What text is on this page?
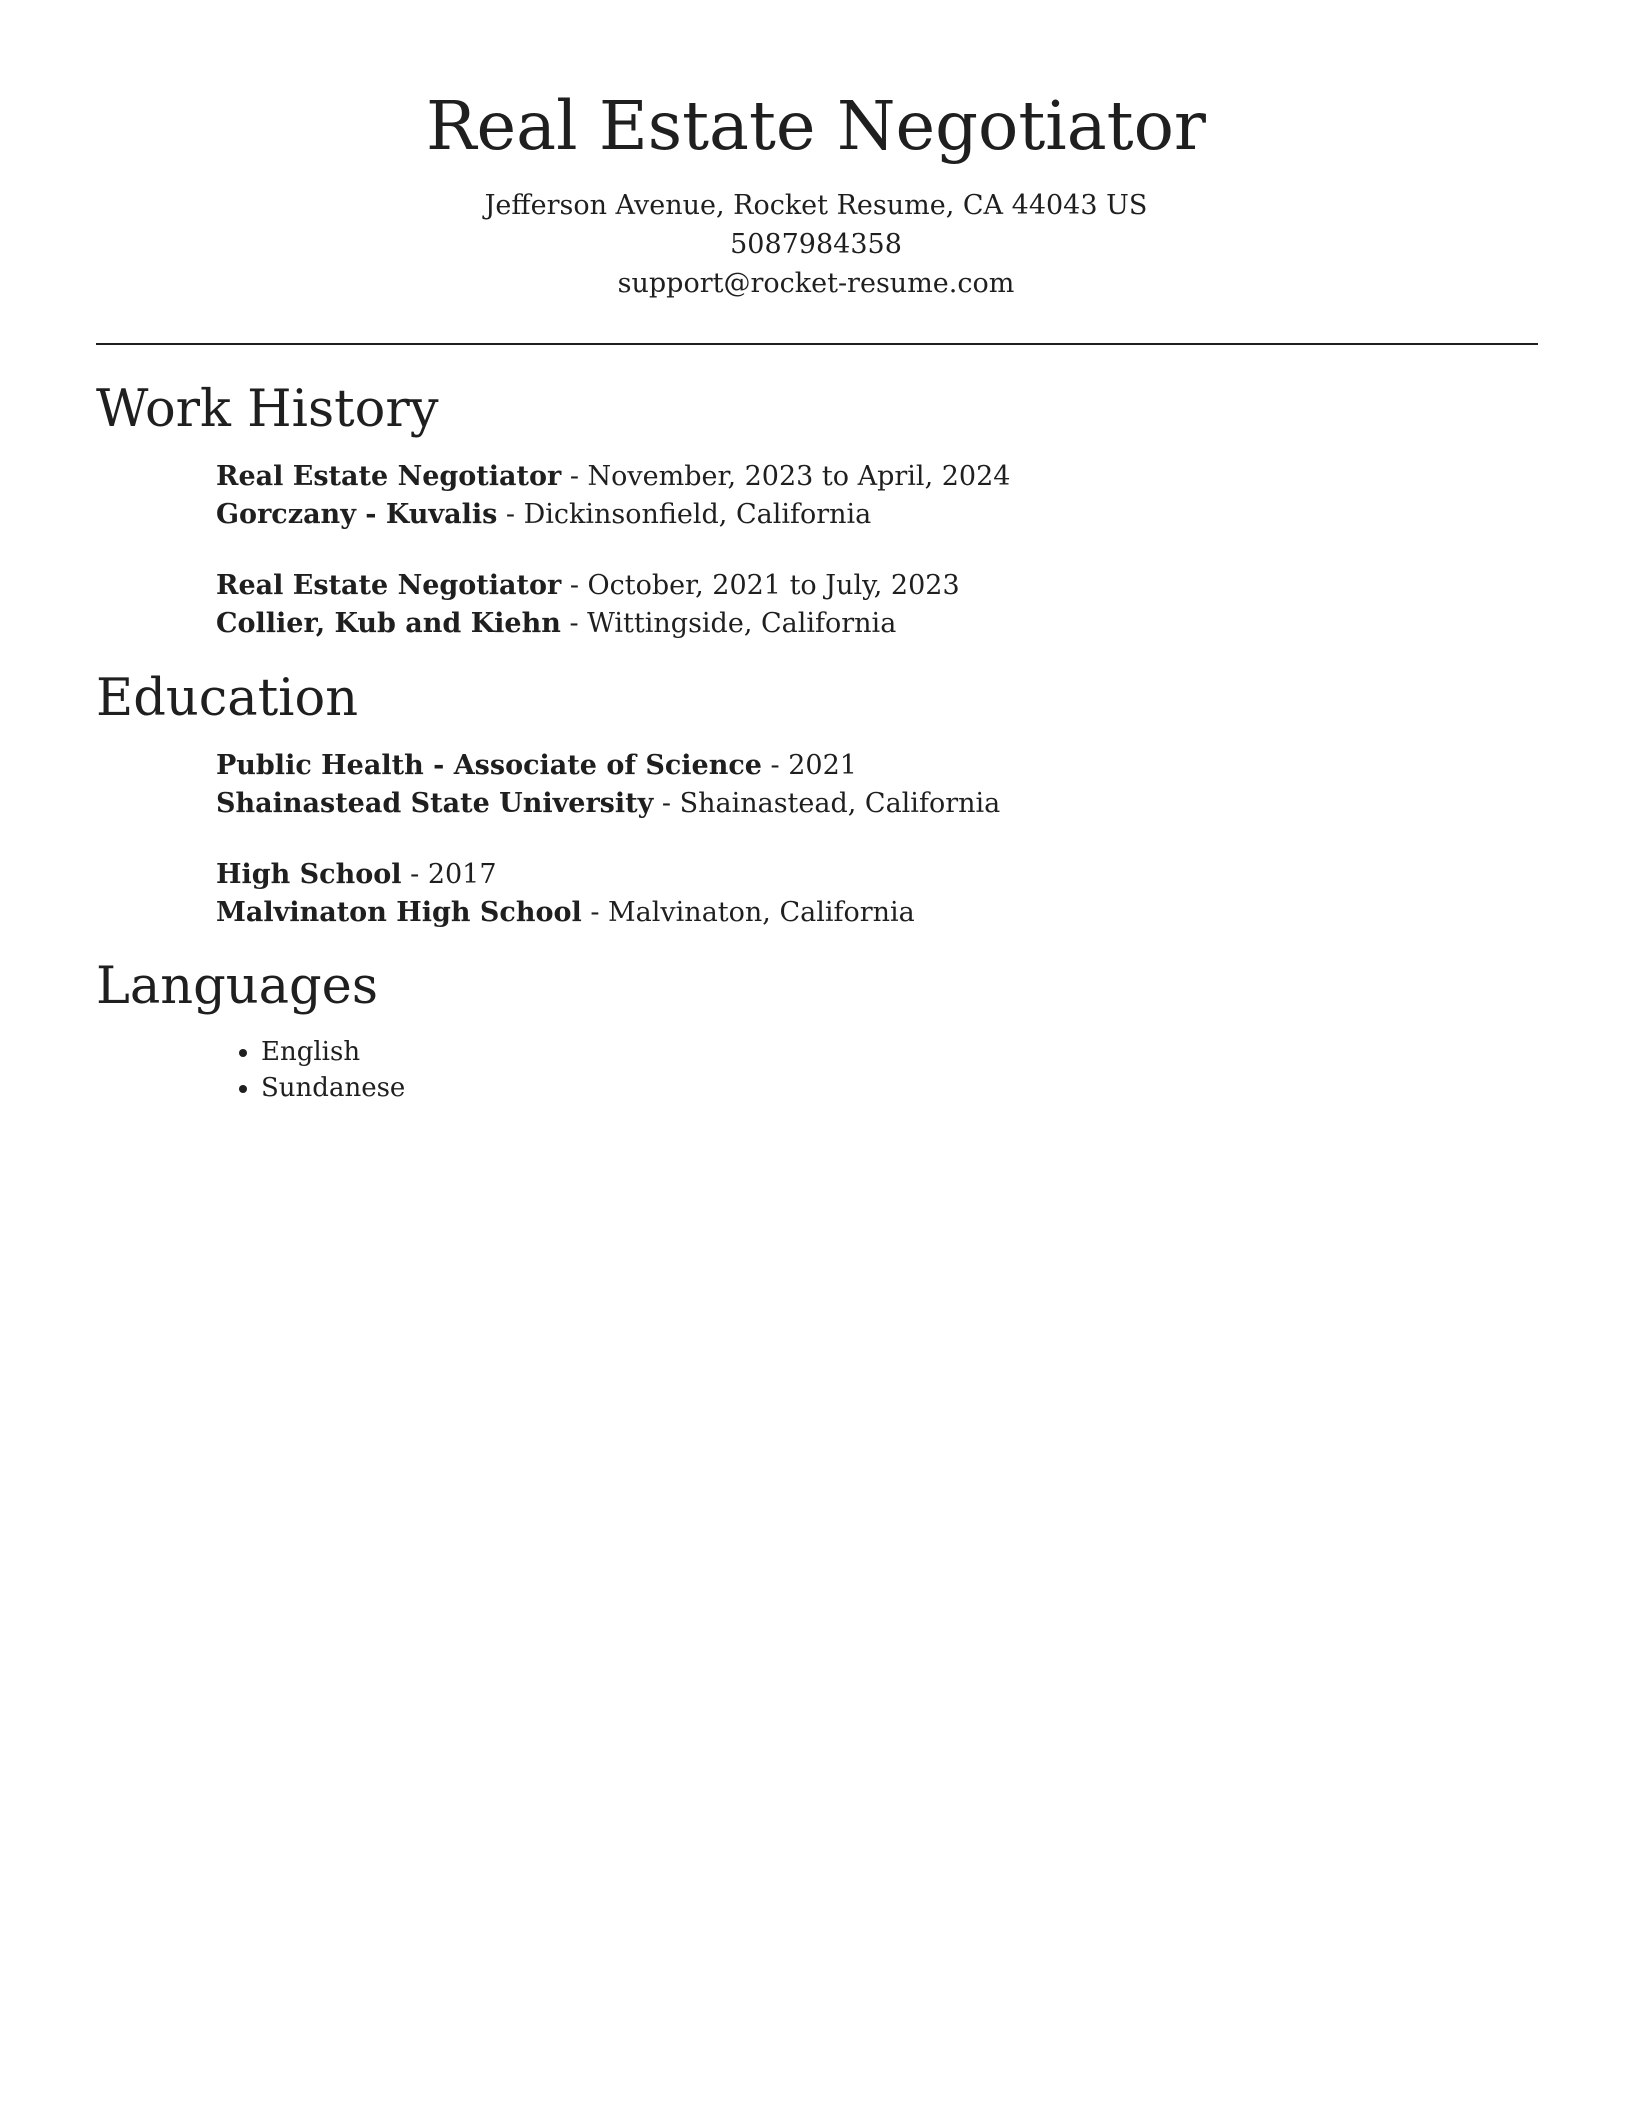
Real Estate Negotiator

Jefferson Avenue, Rocket Resume, CA 44043 US

5087984358

support@rocket-resume.com

Work History
Real Estate Negotiator - November, 2023 to April, 2024
Gorczany - Kuvalis - Dickinsonfield, California
Real Estate Negotiator - October, 2021 to July, 2023
Collier, Kub and Kiehn - Wittingside, California
Education
Public Health - Associate of Science - 2021
Shainastead State University - Shainastead, California
High School - 2017
Malvinaton High School - Malvinaton, California
Languages
• English
• Sundanese
